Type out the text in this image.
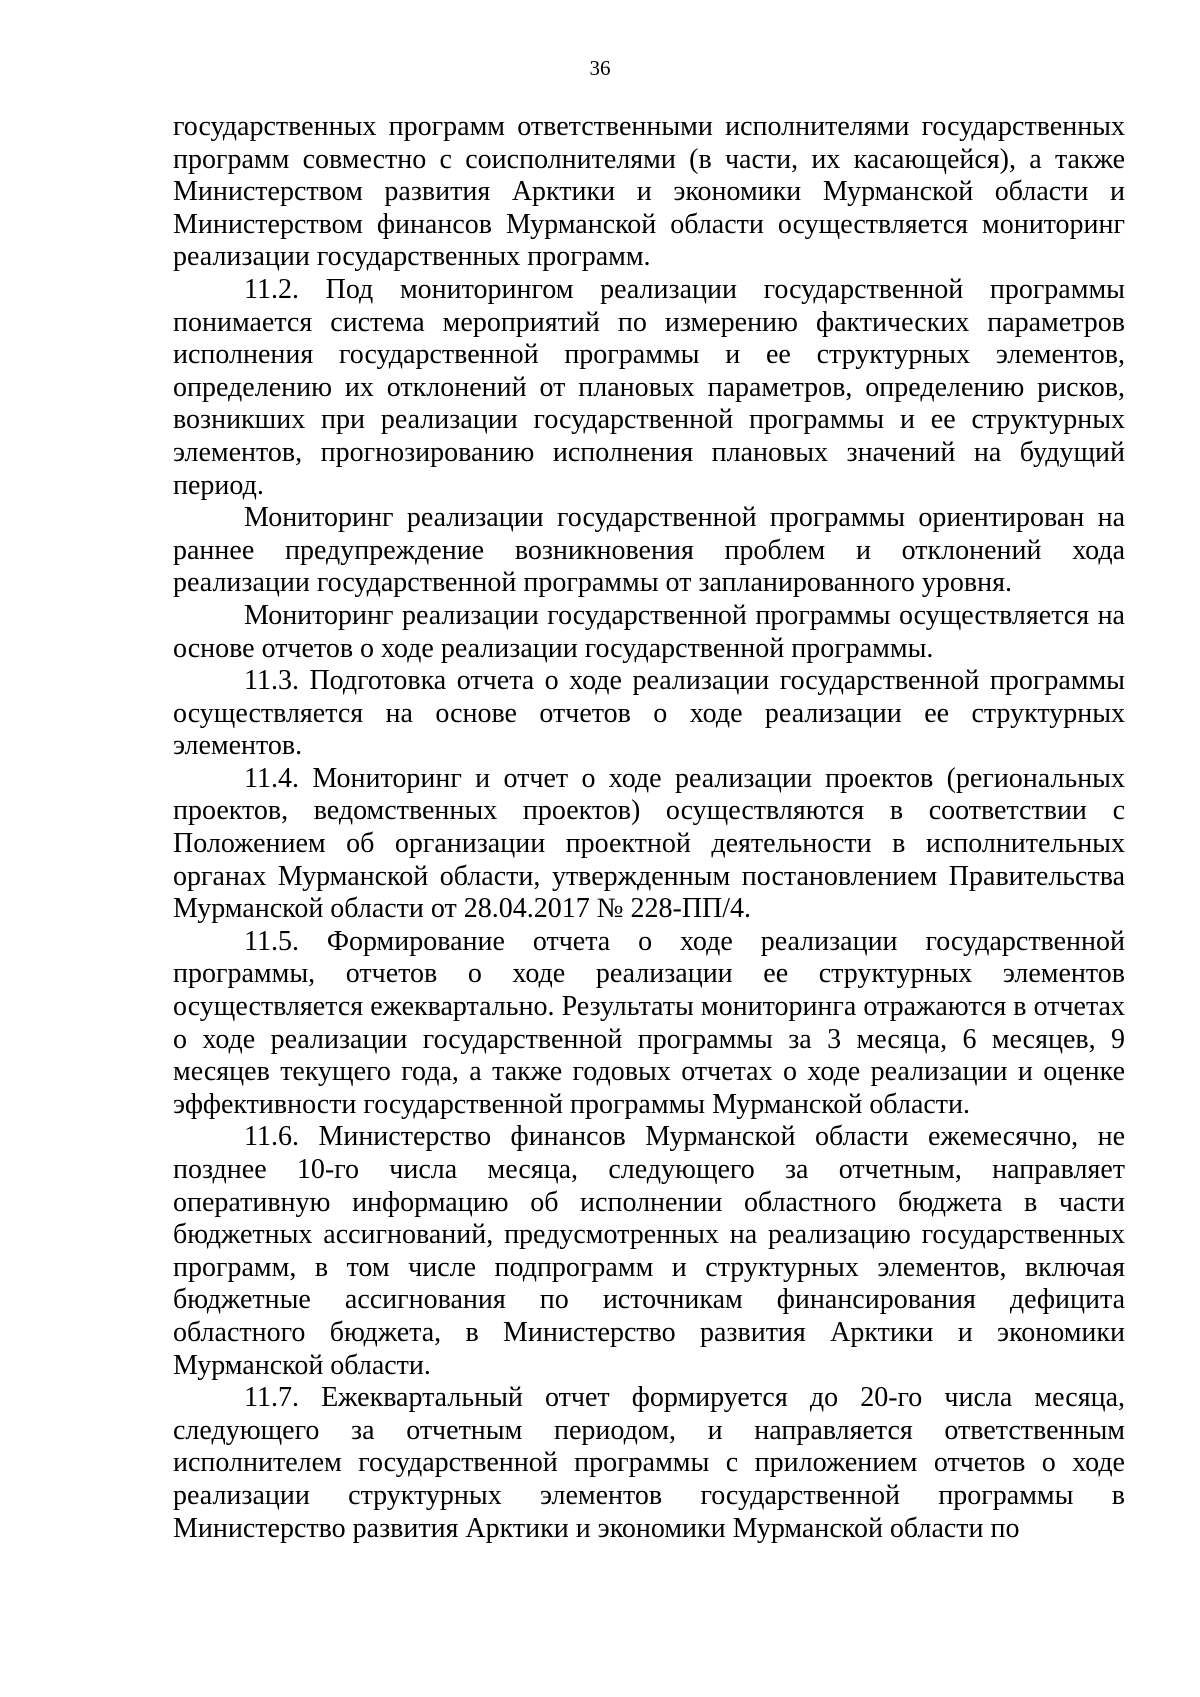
36

государственных программ ответственными исполнителями государственных программ совместно с соисполнителями (в части, их касающейся), а также Министерством развития Арктики и экономики Мурманской области и Министерством финансов Мурманской области осуществляется мониторинг реализации государственных программ.

11.2. Под мониторингом реализации государственной программы понимается система мероприятий по измерению фактических параметров исполнения государственной программы и ее структурных элементов, определению их отклонений от плановых параметров, определению рисков, возникших при реализации государственной программы и ее структурных элементов, прогнозированию исполнения плановых значений на будущий период.

Мониторинг реализации государственной программы ориентирован на раннее предупреждение возникновения проблем и отклонений хода реализации государственной программы от запланированного уровня.

Мониторинг реализации государственной программы осуществляется на основе отчетов о ходе реализации государственной программы.

11.3. Подготовка отчета о ходе реализации государственной программы осуществляется на основе отчетов о ходе реализации ее структурных элементов.

11.4. Мониторинг и отчет о ходе реализации проектов (региональных проектов, ведомственных проектов) осуществляются в соответствии с Положением об организации проектной деятельности в исполнительных органах Мурманской области, утвержденным постановлением Правительства Мурманской области от 28.04.2017 № 228-ПП/4.

11.5. Формирование отчета о ходе реализации государственной программы, отчетов о ходе реализации ее структурных элементов осуществляется ежеквартально. Результаты мониторинга отражаются в отчетах о ходе реализации государственной программы за 3 месяца, 6 месяцев, 9 месяцев текущего года, а также годовых отчетах о ходе реализации и оценке эффективности государственной программы Мурманской области.

11.6. Министерство финансов Мурманской области ежемесячно, не позднее 10-го числа месяца, следующего за отчетным, направляет оперативную информацию об исполнении областного бюджета в части бюджетных ассигнований, предусмотренных на реализацию государственных программ, в том числе подпрограмм и структурных элементов, включая бюджетные ассигнования по источникам финансирования дефицита областного бюджета, в Министерство развития Арктики и экономики Мурманской области.

11.7. Ежеквартальный отчет формируется до 20-го числа месяца, следующего за отчетным периодом, и направляется ответственным исполнителем государственной программы с приложением отчетов о ходе реализации структурных элементов государственной программы в Министерство развития Арктики и экономики Мурманской области по
